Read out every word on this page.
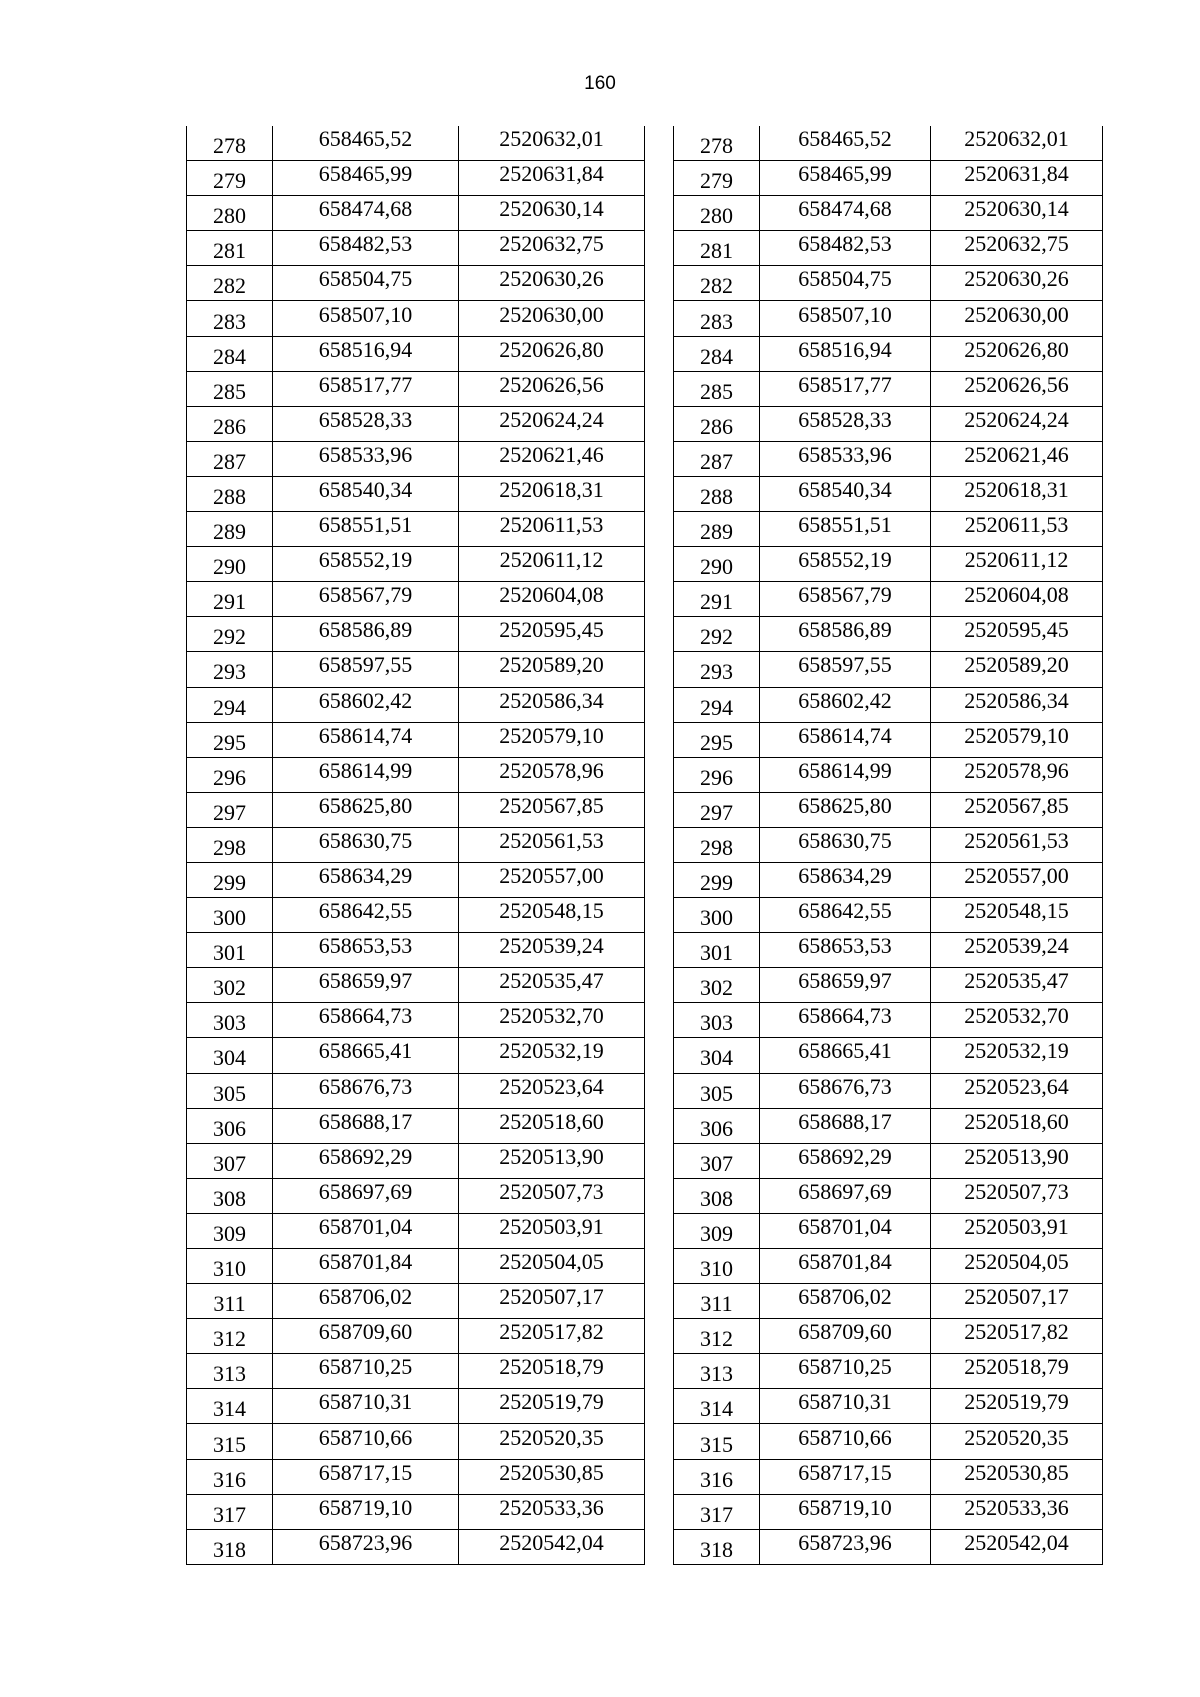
160
278	658465,52	2520632,01
279	658465,99	2520631,84
280	658474,68	2520630,14
281	658482,53	2520632,75
282	658504,75	2520630,26
283	658507,10	2520630,00
284	658516,94	2520626,80
285	658517,77	2520626,56
286	658528,33	2520624,24
287	658533,96	2520621,46
288	658540,34	2520618,31
289	658551,51	2520611,53
290	658552,19	2520611,12
291	658567,79	2520604,08
292	658586,89	2520595,45
293	658597,55	2520589,20
294	658602,42	2520586,34
295	658614,74	2520579,10
296	658614,99	2520578,96
297	658625,80	2520567,85
298	658630,75	2520561,53
299	658634,29	2520557,00
300	658642,55	2520548,15
301	658653,53	2520539,24
302	658659,97	2520535,47
303	658664,73	2520532,70
304	658665,41	2520532,19
305	658676,73	2520523,64
306	658688,17	2520518,60
307	658692,29	2520513,90
308	658697,69	2520507,73
309	658701,04	2520503,91
310	658701,84	2520504,05
311	658706,02	2520507,17
312	658709,60	2520517,82
313	658710,25	2520518,79
314	658710,31	2520519,79
315	658710,66	2520520,35
316	658717,15	2520530,85
317	658719,10	2520533,36
318	658723,96	2520542,04
278	658465,52	2520632,01
279	658465,99	2520631,84
280	658474,68	2520630,14
281	658482,53	2520632,75
282	658504,75	2520630,26
283	658507,10	2520630,00
284	658516,94	2520626,80
285	658517,77	2520626,56
286	658528,33	2520624,24
287	658533,96	2520621,46
288	658540,34	2520618,31
289	658551,51	2520611,53
290	658552,19	2520611,12
291	658567,79	2520604,08
292	658586,89	2520595,45
293	658597,55	2520589,20
294	658602,42	2520586,34
295	658614,74	2520579,10
296	658614,99	2520578,96
297	658625,80	2520567,85
298	658630,75	2520561,53
299	658634,29	2520557,00
300	658642,55	2520548,15
301	658653,53	2520539,24
302	658659,97	2520535,47
303	658664,73	2520532,70
304	658665,41	2520532,19
305	658676,73	2520523,64
306	658688,17	2520518,60
307	658692,29	2520513,90
308	658697,69	2520507,73
309	658701,04	2520503,91
310	658701,84	2520504,05
311	658706,02	2520507,17
312	658709,60	2520517,82
313	658710,25	2520518,79
314	658710,31	2520519,79
315	658710,66	2520520,35
316	658717,15	2520530,85
317	658719,10	2520533,36
318	658723,96	2520542,04
